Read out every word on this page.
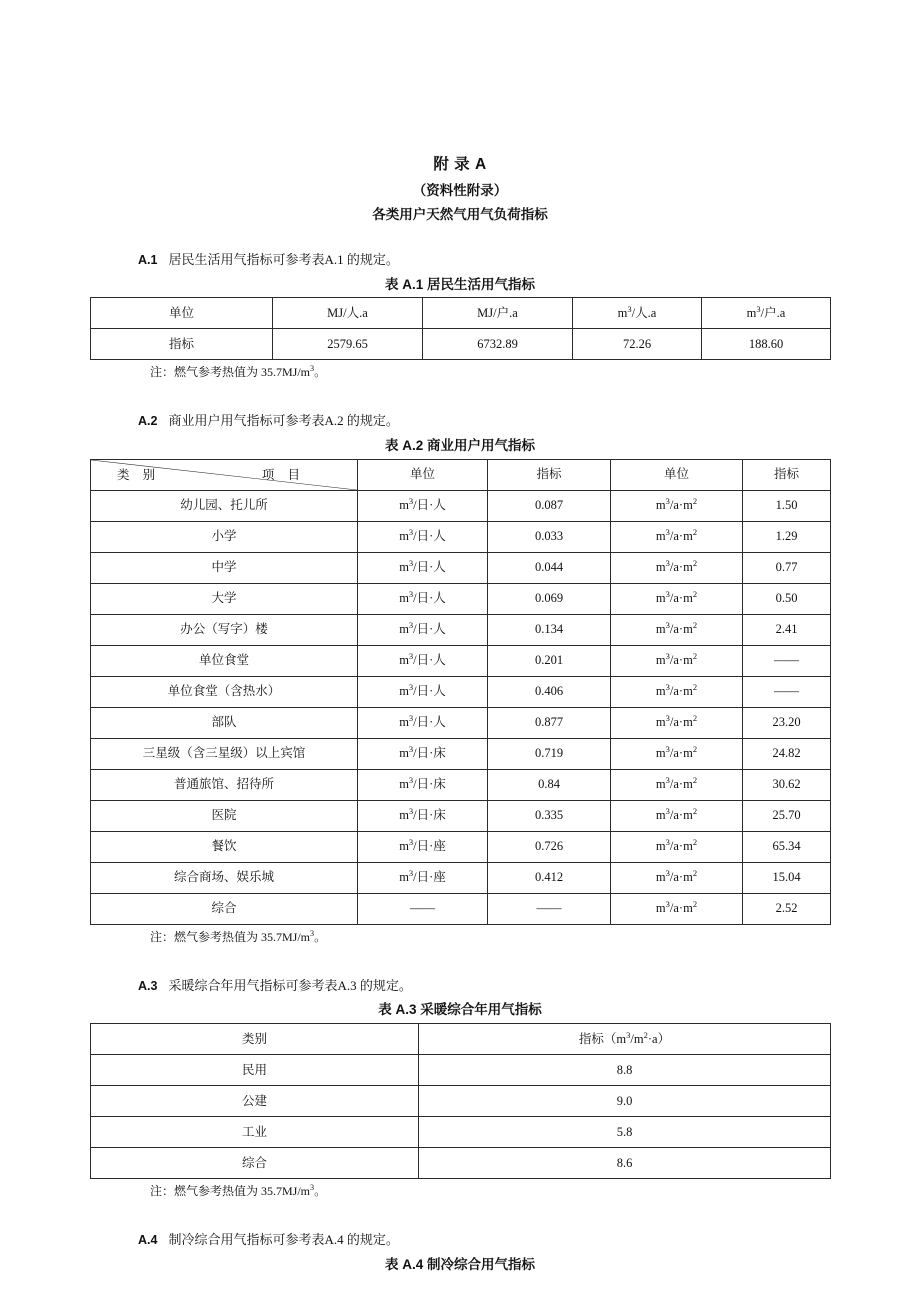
附 录 A
（资料性附录）
各类用户天然气用气负荷指标

A.1 居民生活用气指标可参考表A.1 的规定。

表 A.1 居民生活用气指标
单位	MJ/人.a	MJ/户.a	$m^3/$人.a	$m^3/$户.a
指标	2579.65	6732.89	72.26	188.60
注：燃气参考热值为 $35.7MJ/m^3$。

A.2 商业用户用气指标可参考表A.2 的规定。

表 A.2 商业用户用气指标
项 目
类 别	单位	指标	单位	指标
幼儿园、托儿所	$m^3/$日·人	0.087	$m^3/a\cdot m^2$	1.50
小学	$m^3/$日·人	0.033	$m^3/a\cdot m^2$	1.29
中学	$m^3/$日·人	0.044	$m^3/a\cdot m^2$	0.77
大学	$m^3/$日·人	0.069	$m^3/a\cdot m^2$	0.50
办公（写字）楼	$m^3/$日·人	0.134	$m^3/a\cdot m^2$	2.41
单位食堂	$m^3/$日·人	0.201	$m^3/a\cdot m^2$	——
单位食堂（含热水）	$m^3/$日·人	0.406	$m^3/a\cdot m^2$	——
部队	$m^3/$日·人	0.877	$m^3/a\cdot m^2$	23.20
三星级（含三星级）以上宾馆	$m^3/$日·床	0.719	$m^3/a\cdot m^2$	24.82
普通旅馆、招待所	$m^3/$日·床	0.84	$m^3/a\cdot m^2$	30.62
医院	$m^3/$日·床	0.335	$m^3/a\cdot m^2$	25.70
餐饮	$m^3/$日·座	0.726	$m^3/a\cdot m^2$	65.34
综合商场、娱乐城	$m^3/$日·座	0.412	$m^3/a\cdot m^2$	15.04
综合	——	——	$m^3/a\cdot m^2$	2.52
注：燃气参考热值为 $35.7MJ/m^3$。

A.3 采暖综合年用气指标可参考表A.3 的规定。

表 A.3 采暖综合年用气指标
类别	指标$(m^3/m^2\cdot a)$
民用	8.8
公建	9.0
工业	5.8
综合	8.6
注：燃气参考热值为 $35.7MJ/m^3$。

A.4 制冷综合用气指标可参考表A.4 的规定。

表 A.4 制冷综合用气指标
